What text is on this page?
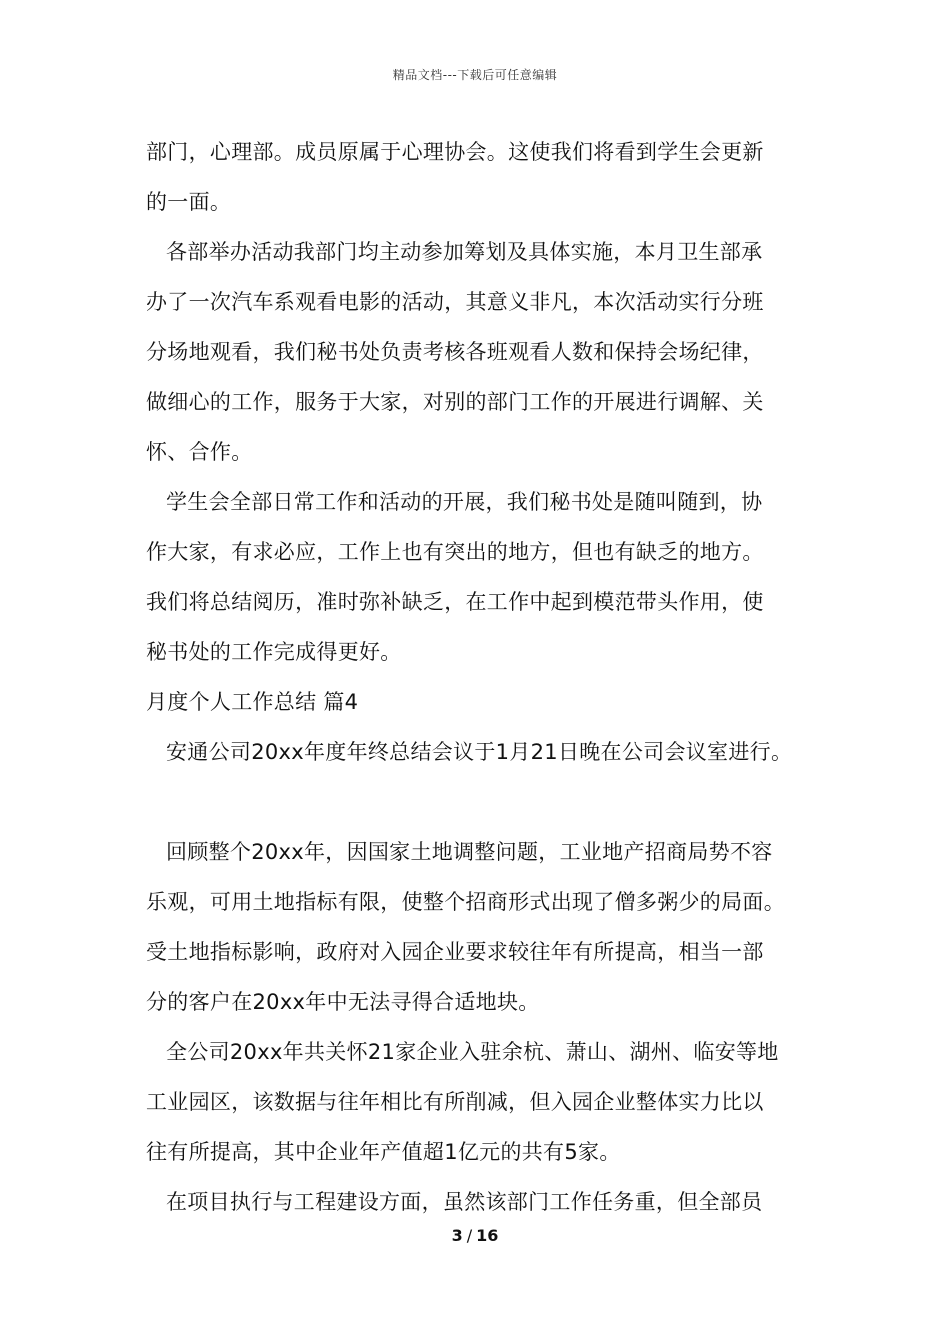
精品文档---下载后可任意编辑
部门，心理部。成员原属于心理协会。这使我们将看到学生会更新
的一面。
各部举办活动我部门均主动参加筹划及具体实施，本月卫生部承
办了一次汽车系观看电影的活动，其意义非凡，本次活动实行分班
分场地观看，我们秘书处负责考核各班观看人数和保持会场纪律，
做细心的工作，服务于大家，对别的部门工作的开展进行调解、关
怀、合作。
学生会全部日常工作和活动的开展，我们秘书处是随叫随到，协
作大家，有求必应，工作上也有突出的地方，但也有缺乏的地方。
我们将总结阅历，准时弥补缺乏，在工作中起到模范带头作用，使
秘书处的工作完成得更好。
月度个人工作总结 篇4
安通公司20xx年度年终总结会议于1月21日晚在公司会议室进行。
回顾整个20xx年，因国家土地调整问题，工业地产招商局势不容
乐观，可用土地指标有限，使整个招商形式出现了僧多粥少的局面。
受土地指标影响，政府对入园企业要求较往年有所提高，相当一部
分的客户在20xx年中无法寻得合适地块。
全公司20xx年共关怀21家企业入驻余杭、萧山、湖州、临安等地
工业园区，该数据与往年相比有所削减，但入园企业整体实力比以
往有所提高，其中企业年产值超1亿元的共有5家。
在项目执行与工程建设方面，虽然该部门工作任务重，但全部员
3 / 16
